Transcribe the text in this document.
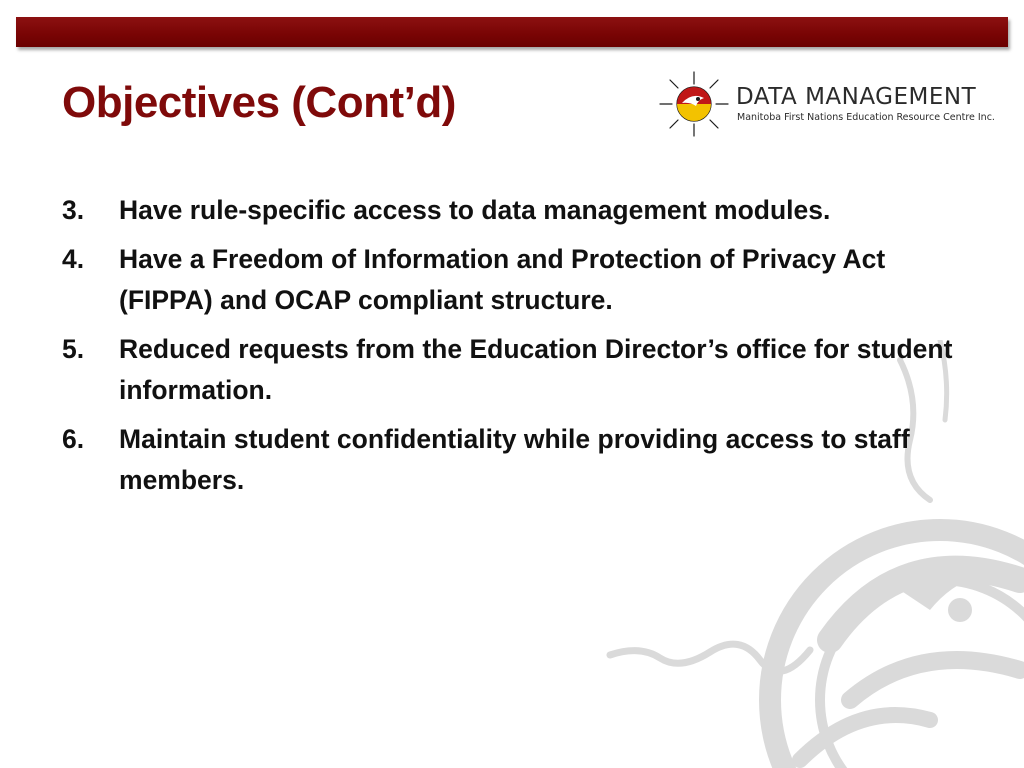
Objectives (Cont’d)	DATA MANAGEMENT
Manitoba First Nations Education Resource Centre Inc.
3. Have rule-specific access to data management modules.
4. Have a Freedom of Information and Protection of Privacy Act (FIPPA) and OCAP compliant structure.
5. Reduced requests from the Education Director’s office for student information.
6. Maintain student confidentiality while providing access to staff members.
